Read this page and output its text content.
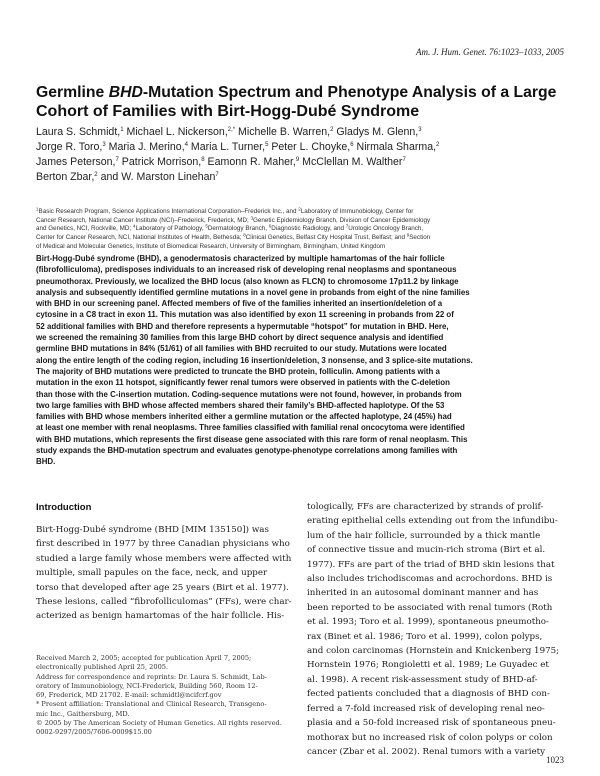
Am. J. Hum. Genet. 76:1023–1033, 2005
Germline BHD-Mutation Spectrum and Phenotype Analysis of a Large
Cohort of Families with Birt-Hogg-Dubé Syndrome
Laura S. Schmidt,$^1$ Michael L. Nickerson,$^{2,*}$ Michelle B. Warren,$^2$ Gladys M. Glenn,$^3$
Jorge R. Toro,$^3$ Maria J. Merino,$^4$ Maria L. Turner,$^5$ Peter L. Choyke,$^6$ Nirmala Sharma,$^2$
James Peterson,$^7$ Patrick Morrison,$^8$ Eamonn R. Maher,$^9$ McClellan M. Walther$^7$
Berton Zbar,$^2$ and W. Marston Linehan$^7$
$^1$Basic Research Program, Science Applications International Corporation–Frederick Inc., and $^2$Laboratory of Immunobiology, Center for
Cancer Research, National Cancer Institute (NCI)–Frederick, Frederick, MD; $^3$Genetic Epidemiology Branch, Division of Cancer Epidemiology
and Genetics, NCI, Rockville, MD; $^4$Laboratory of Pathology, $^5$Dermatology Branch, $^6$Diagnostic Radiology, and $^7$Urologic Oncology Branch,
Center for Cancer Research, NCI, National Institutes of Health, Bethesda; $^8$Clinical Genetics, Belfast City Hospital Trust, Belfast; and $^9$Section
of Medical and Molecular Genetics, Institute of Biomedical Research, University of Birmingham, Birmingham, United Kingdom
Birt-Hogg-Dubé syndrome (BHD), a genodermatosis characterized by multiple hamartomas of the hair follicle
(fibrofolliculoma), predisposes individuals to an increased risk of developing renal neoplasms and spontaneous
pneumothorax. Previously, we localized the BHD locus (also known as FLCN) to chromosome 17p11.2 by linkage
analysis and subsequently identified germline mutations in a novel gene in probands from eight of the nine families
with BHD in our screening panel. Affected members of five of the families inherited an insertion/deletion of a
cytosine in a C8 tract in exon 11. This mutation was also identified by exon 11 screening in probands from 22 of
52 additional families with BHD and therefore represents a hypermutable “hotspot” for mutation in BHD. Here,
we screened the remaining 30 families from this large BHD cohort by direct sequence analysis and identified
germline BHD mutations in 84% (51/61) of all families with BHD recruited to our study. Mutations were located
along the entire length of the coding region, including 16 insertion/deletion, 3 nonsense, and 3 splice-site mutations.
The majority of BHD mutations were predicted to truncate the BHD protein, folliculin. Among patients with a
mutation in the exon 11 hotspot, significantly fewer renal tumors were observed in patients with the C-deletion
than those with the C-insertion mutation. Coding-sequence mutations were not found, however, in probands from
two large families with BHD whose affected members shared their family’s BHD-affected haplotype. Of the 53
families with BHD whose members inherited either a germline mutation or the affected haplotype, 24 (45%) had
at least one member with renal neoplasms. Three families classified with familial renal oncocytoma were identified
with BHD mutations, which represents the first disease gene associated with this rare form of renal neoplasm. This
study expands the BHD-mutation spectrum and evaluates genotype-phenotype correlations among families with
BHD.
Introduction
Birt-Hogg-Dubé syndrome (BHD [MIM 135150]) was
first described in 1977 by three Canadian physicians who
studied a large family whose members were affected with
multiple, small papules on the face, neck, and upper
torso that developed after age 25 years (Birt et al. 1977).
These lesions, called “fibrofolliculomas” (FFs), were char-
acterized as benign hamartomas of the hair follicle. His-
tologically, FFs are characterized by strands of prolif-
erating epithelial cells extending out from the infundibu-
lum of the hair follicle, surrounded by a thick mantle
of connective tissue and mucin-rich stroma (Birt et al.
1977). FFs are part of the triad of BHD skin lesions that
also includes trichodiscomas and acrochordons. BHD is
inherited in an autosomal dominant manner and has
been reported to be associated with renal tumors (Roth
et al. 1993; Toro et al. 1999), spontaneous pneumotho-
rax (Binet et al. 1986; Toro et al. 1999), colon polyps,
and colon carcinomas (Hornstein and Knickenberg 1975;
Hornstein 1976; Rongioletti et al. 1989; Le Guyadec et
al. 1998). A recent risk-assessment study of BHD-af-
fected patients concluded that a diagnosis of BHD con-
ferred a 7-fold increased risk of developing renal neo-
plasia and a 50-fold increased risk of spontaneous pneu-
mothorax but no increased risk of colon polyps or colon
cancer (Zbar et al. 2002). Renal tumors with a variety
Received March 2, 2005; accepted for publication April 7, 2005;
electronically published April 25, 2005.
Address for correspondence and reprints: Dr. Laura S. Schmidt, Lab-
oratory of Immunobiology, NCI-Frederick, Building 560, Room 12-
69, Frederick, MD 21702. E-mail: schmidtl@ncifcrf.gov
* Present affiliation: Translational and Clinical Research, Transgeno-
mic Inc., Gaithersburg, MD.
© 2005 by The American Society of Human Genetics. All rights reserved.
0002-9297/2005/7606-0009$15.00
1023
